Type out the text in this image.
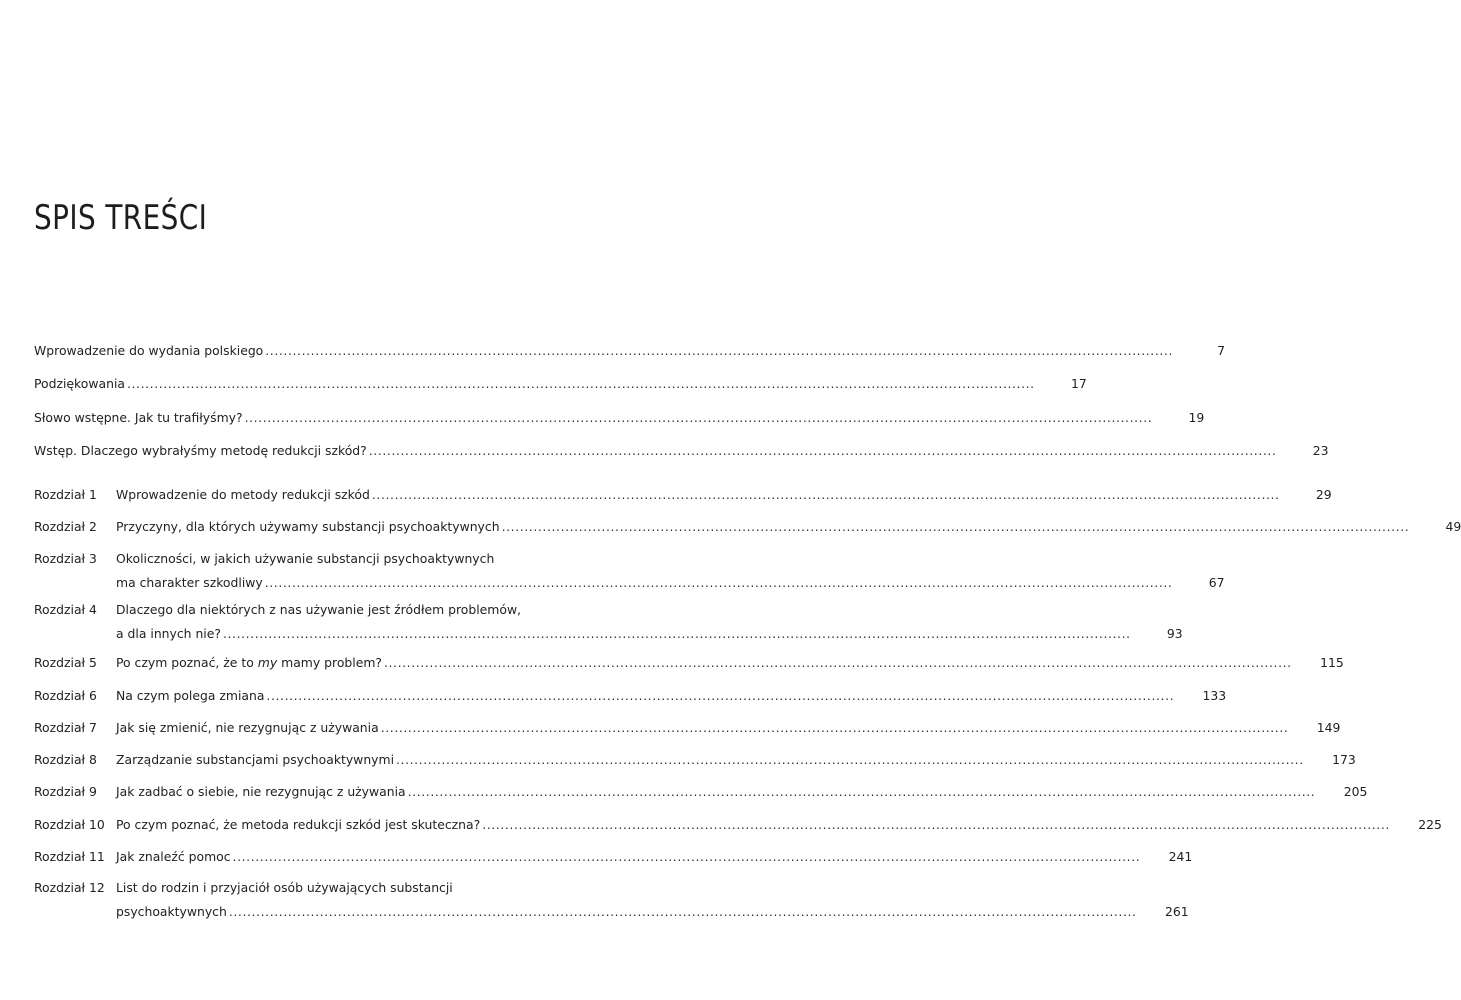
SPIS TREŚCI
Wprowadzenie do wydania polskiego .....	7
Podziękowania .....	17
Słowo wstępne. Jak tu trafiłyśmy? .....	19
Wstęp. Dlaczego wybrałyśmy metodę redukcji szkód? .....	23
Rozdział 1	Wprowadzenie do metody redukcji szkód .....	29
Rozdział 2	Przyczyny, dla których używamy substancji psychoaktywnych .....	49
Rozdział 3	Okoliczności, w jakich używanie substancji psychoaktywnych
ma charakter szkodliwy .....	67
Rozdział 4	Dlaczego dla niektórych z nas używanie jest źródłem problemów,
a dla innych nie? .....	93
Rozdział 5	Po czym poznać, że to my mamy problem? .....	115
Rozdział 6	Na czym polega zmiana .....	133
Rozdział 7	Jak się zmienić, nie rezygnując z używania .....	149
Rozdział 8	Zarządzanie substancjami psychoaktywnymi .....	173
Rozdział 9	Jak zadbać o siebie, nie rezygnując z używania .....	205
Rozdział 10 Po czym poznać, że metoda redukcji szkód jest skuteczna? .....	225
Rozdział 11 Jak znaleźć pomoc .....	241
Rozdział 12 List do rodzin i przyjaciół osób używających substancji
psychoaktywnych .....	261
